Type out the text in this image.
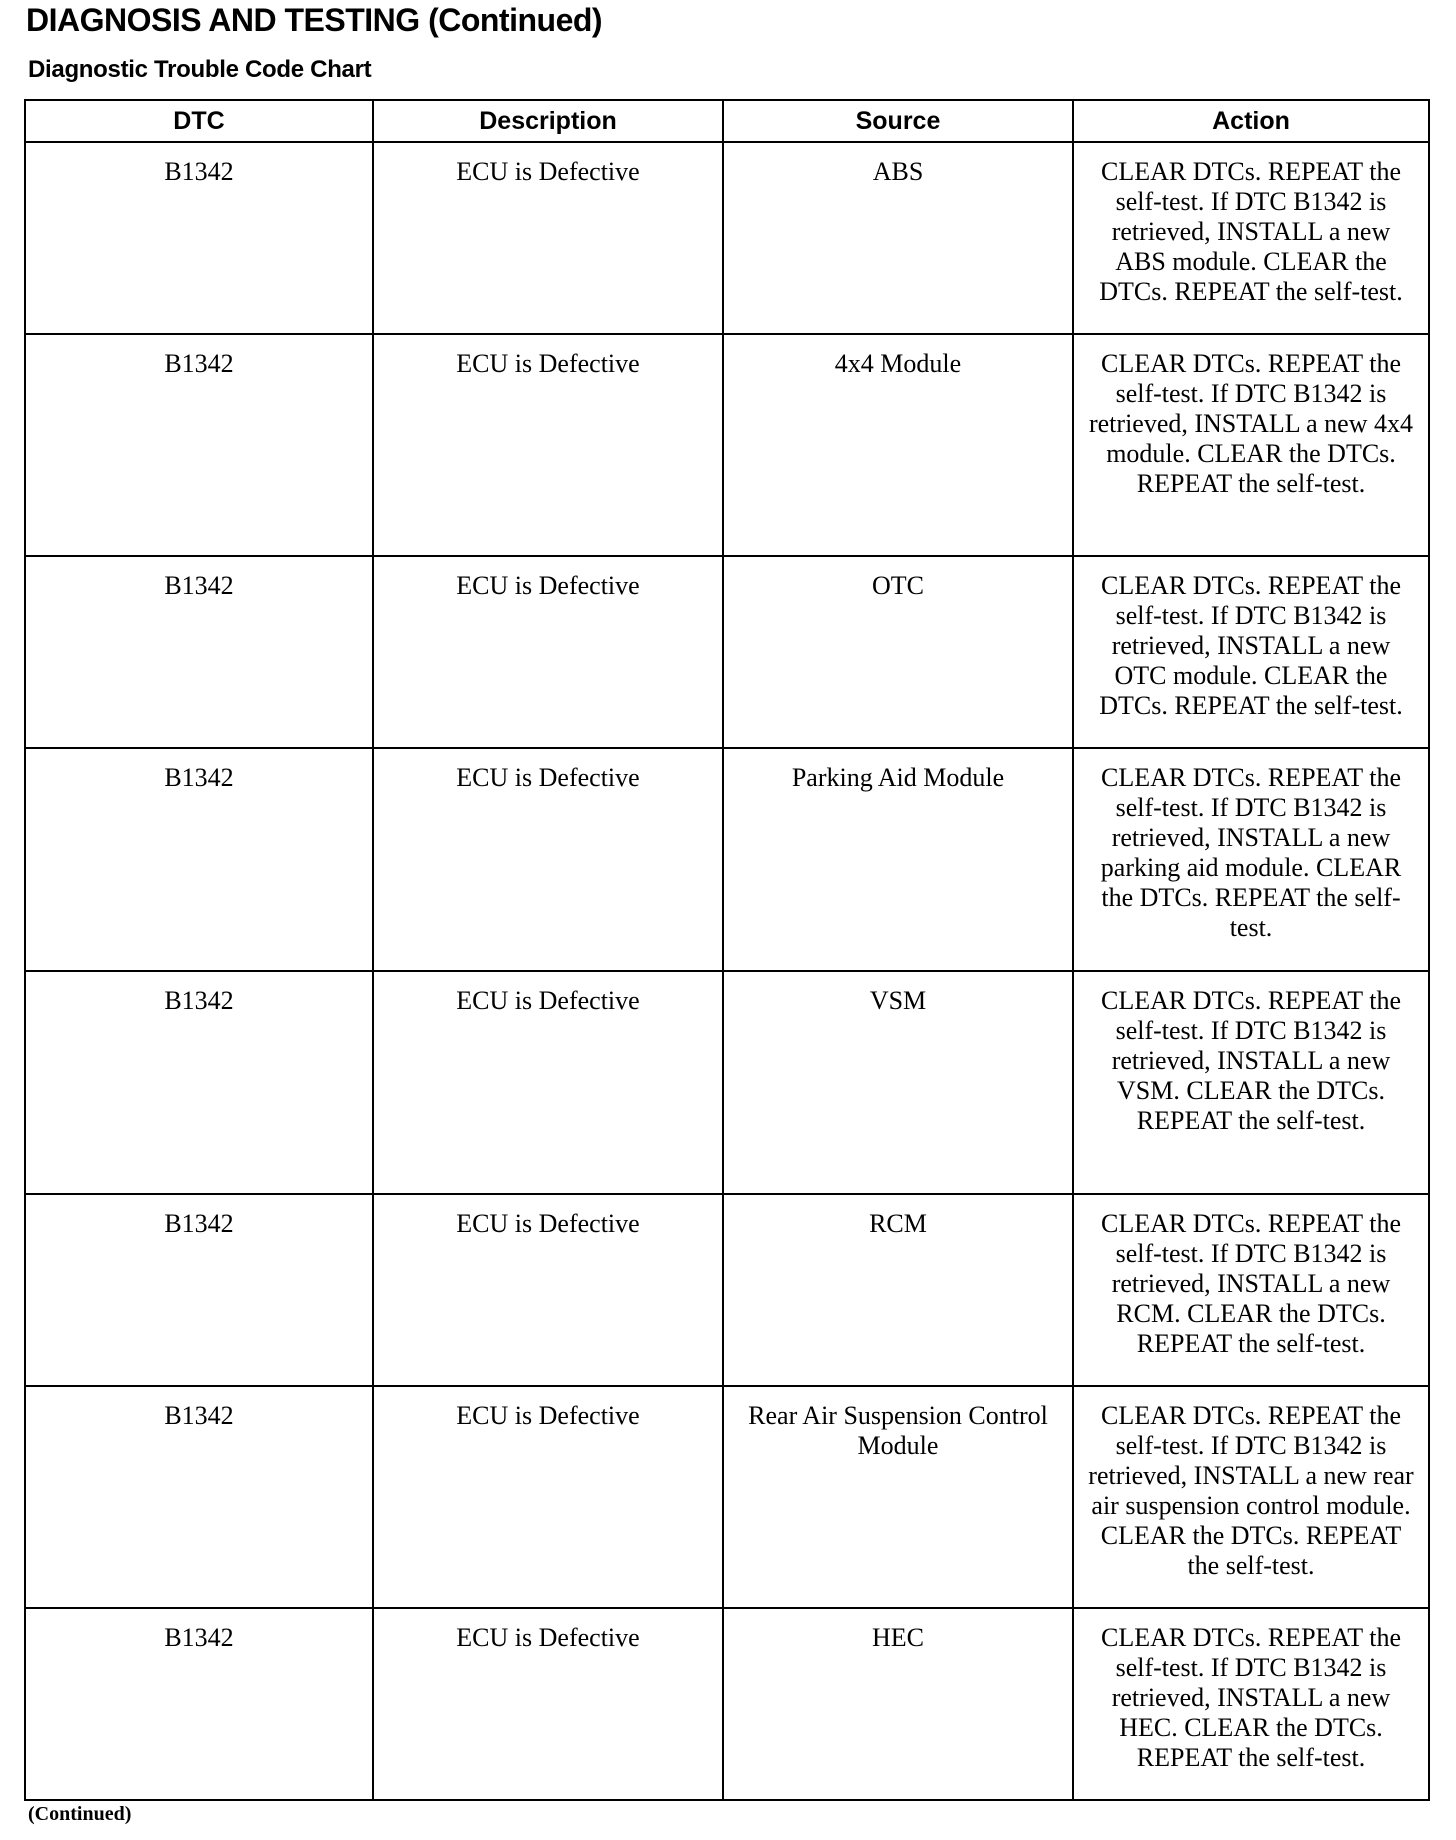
DIAGNOSIS AND TESTING (Continued)
Diagnostic Trouble Code Chart
DTC	Description	Source	Action
B1342	ECU is Defective	ABS	CLEAR DTCs. REPEAT the self-test. If DTC B1342 is retrieved, INSTALL a new ABS module. CLEAR the DTCs. REPEAT the self-test.
B1342	ECU is Defective	4x4 Module	CLEAR DTCs. REPEAT the self-test. If DTC B1342 is retrieved, INSTALL a new 4x4 module. CLEAR the DTCs. REPEAT the self-test.
B1342	ECU is Defective	OTC	CLEAR DTCs. REPEAT the self-test. If DTC B1342 is retrieved, INSTALL a new OTC module. CLEAR the DTCs. REPEAT the self-test.
B1342	ECU is Defective	Parking Aid Module	CLEAR DTCs. REPEAT the self-test. If DTC B1342 is retrieved, INSTALL a new parking aid module. CLEAR the DTCs. REPEAT the self-test.
B1342	ECU is Defective	VSM	CLEAR DTCs. REPEAT the self-test. If DTC B1342 is retrieved, INSTALL a new VSM. CLEAR the DTCs. REPEAT the self-test.
B1342	ECU is Defective	RCM	CLEAR DTCs. REPEAT the self-test. If DTC B1342 is retrieved, INSTALL a new RCM. CLEAR the DTCs. REPEAT the self-test.
B1342	ECU is Defective	Rear Air Suspension Control Module	CLEAR DTCs. REPEAT the self-test. If DTC B1342 is retrieved, INSTALL a new rear air suspension control module. CLEAR the DTCs. REPEAT the self-test.
B1342	ECU is Defective	HEC	CLEAR DTCs. REPEAT the self-test. If DTC B1342 is retrieved, INSTALL a new HEC. CLEAR the DTCs. REPEAT the self-test.
(Continued)
